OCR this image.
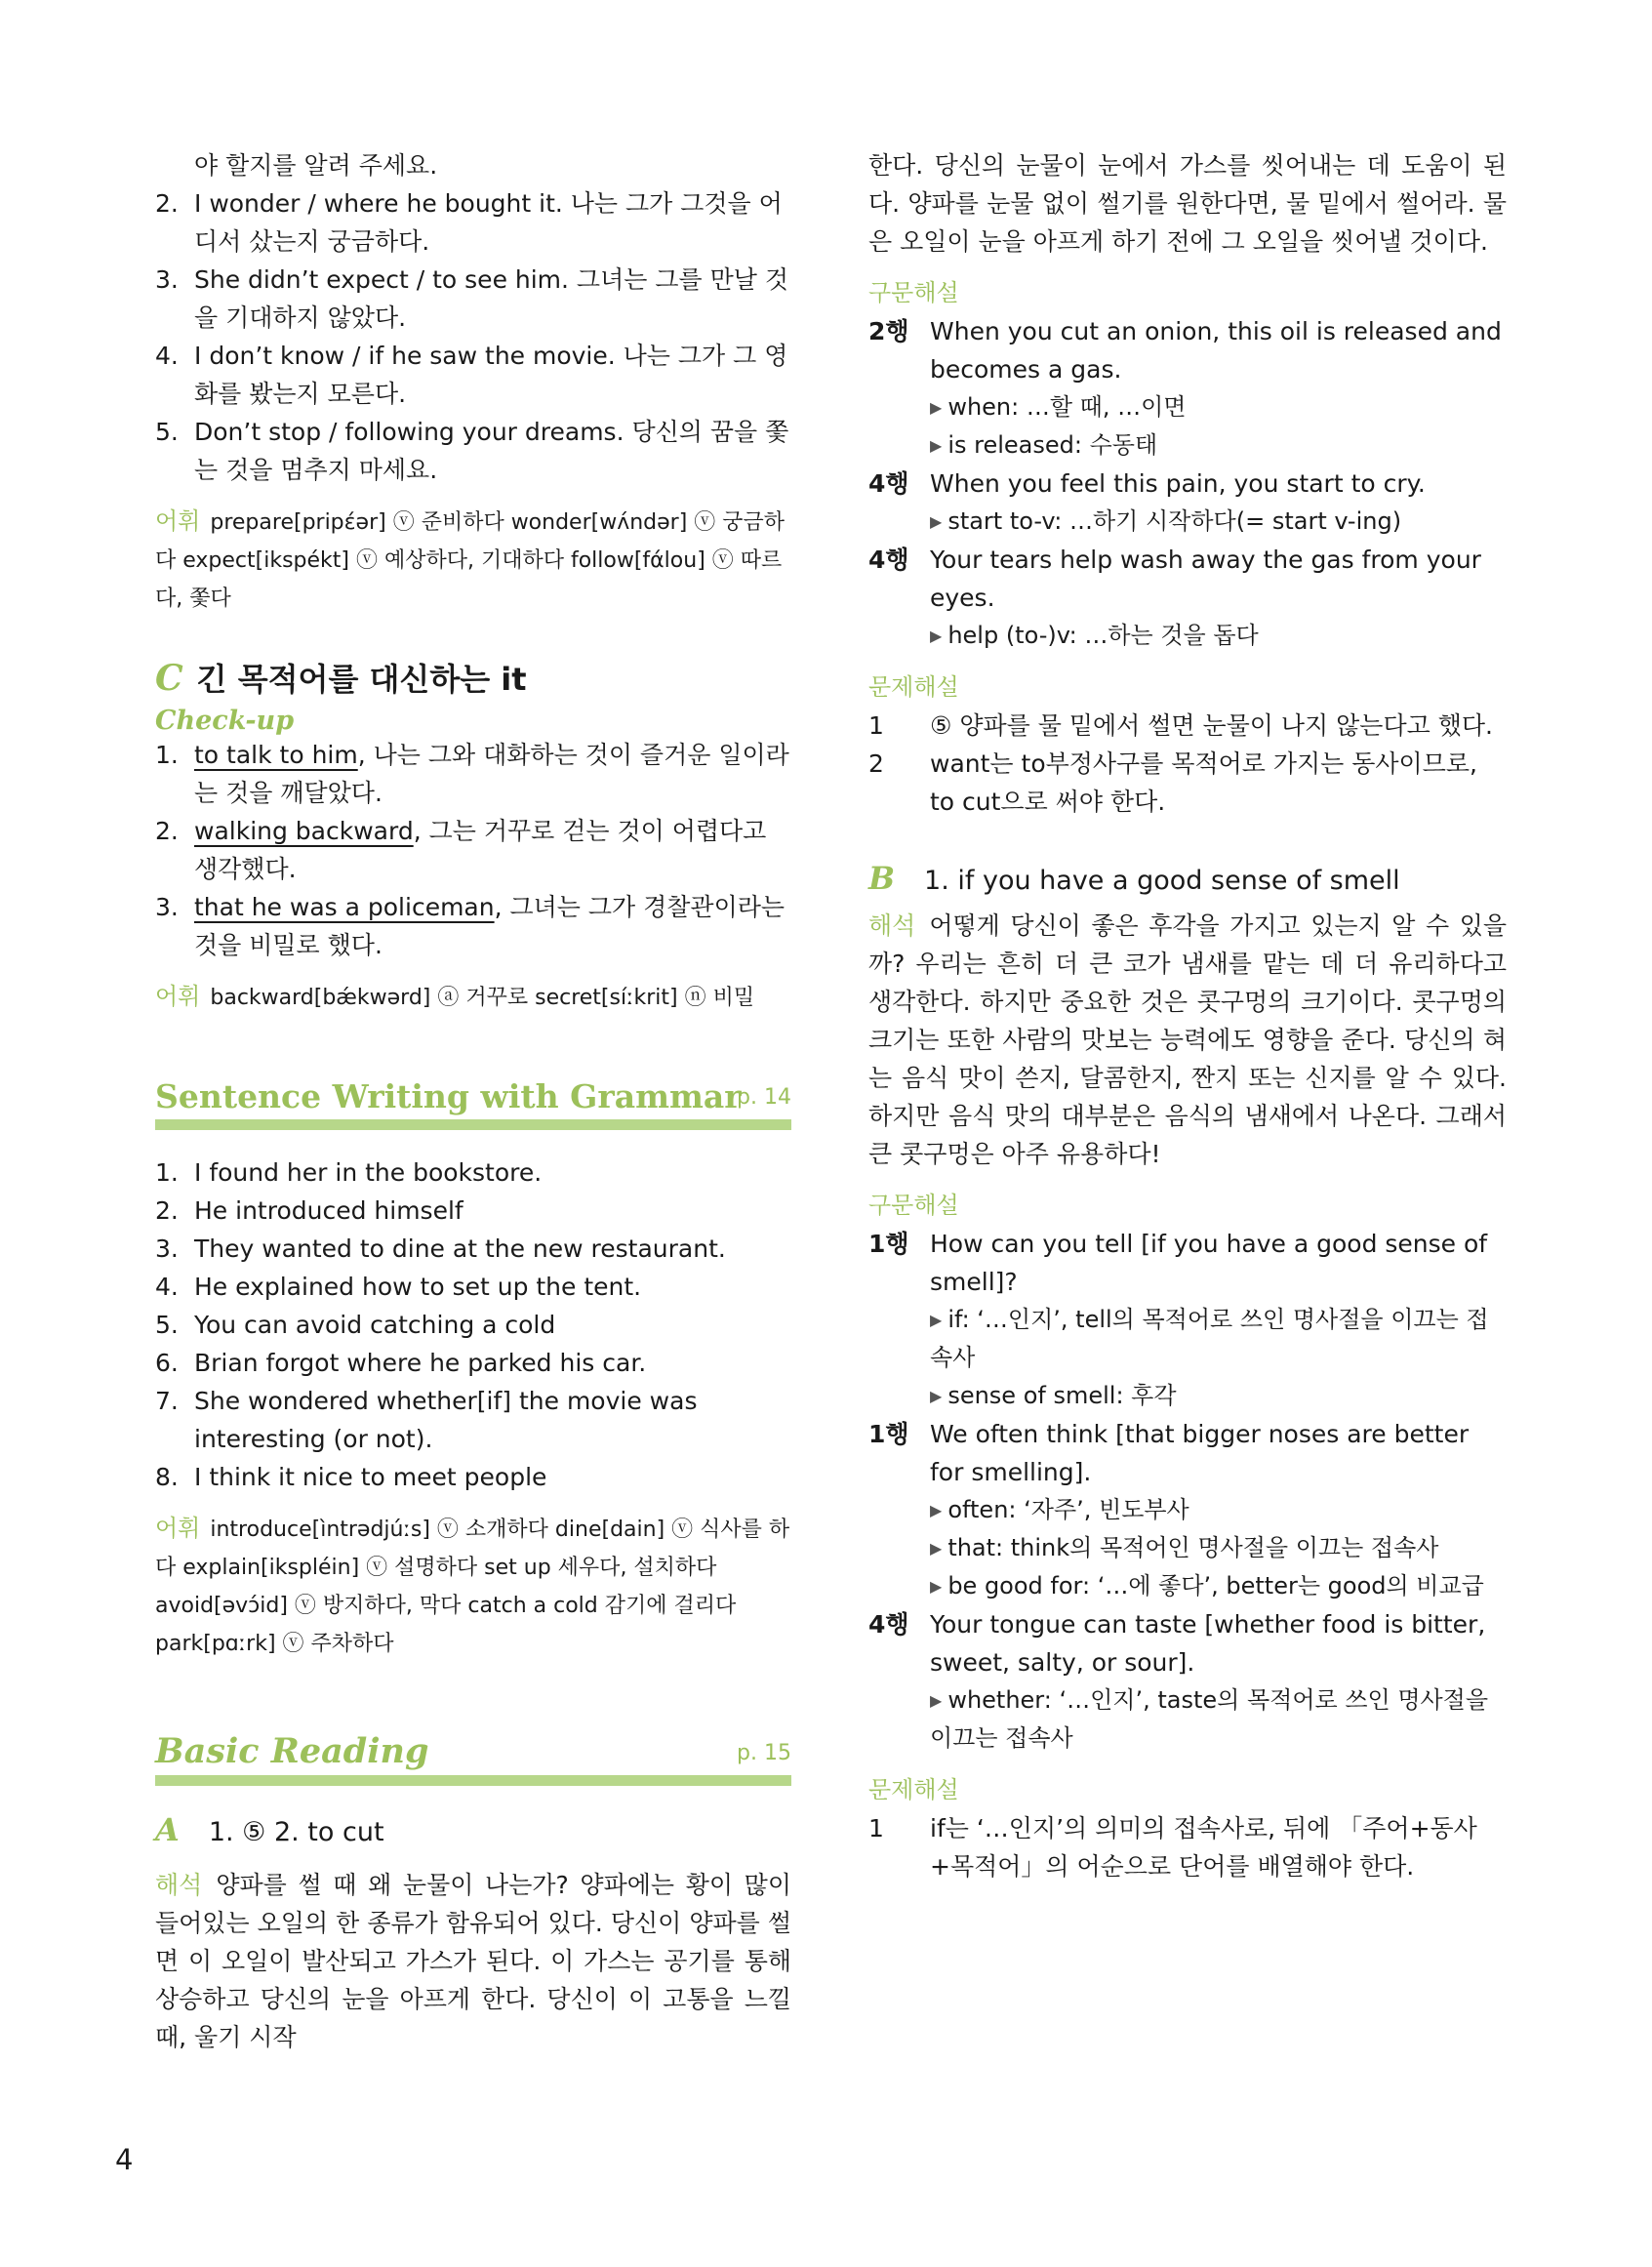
야 할지를 알려 주세요.
2. I wonder / where he bought it. 나는 그가 그것을 어디서 샀는지 궁금하다.
3. She didn’t expect / to see him. 그녀는 그를 만날 것을 기대하지 않았다.
4. I don’t know / if he saw the movie. 나는 그가 그 영화를 봤는지 모른다.
5. Don’t stop / following your dreams. 당신의 꿈을 쫓는 것을 멈추지 마세요.
어휘 prepare[pripέər] ⓥ 준비하다 wonder[wʌ́ndər] ⓥ 궁금하다 expect[ikspékt] ⓥ 예상하다, 기대하다 follow[fάlou] ⓥ 따르다, 쫓다
C 긴 목적어를 대신하는 it
Check-up
1. to talk to him, 나는 그와 대화하는 것이 즐거운 일이라는 것을 깨달았다.
2. walking backward, 그는 거꾸로 걷는 것이 어렵다고 생각했다.
3. that he was a policeman, 그녀는 그가 경찰관이라는 것을 비밀로 했다.
어휘 backward[bǽkwərd] ⓐ 거꾸로 secret[síːkrit] ⓝ 비밀
Sentence Writing with Grammar
p. 14
1. I found her in the bookstore.
2. He introduced himself
3. They wanted to dine at the new restaurant.
4. He explained how to set up the tent.
5. You can avoid catching a cold
6. Brian forgot where he parked his car.
7. She wondered whether[if] the movie was interesting (or not).
8. I think it nice to meet people
어휘 introduce[ìntrədjúːs] ⓥ 소개하다 dine[dain] ⓥ 식사를 하다 explain[ikspléin] ⓥ 설명하다 set up 세우다, 설치하다 avoid[əvɔ́id] ⓥ 방지하다, 막다 catch a cold 감기에 걸리다 park[pɑːrk] ⓥ 주차하다
Basic Reading	p. 15
A 1. ⑤ 2. to cut
해석 양파를 썰 때 왜 눈물이 나는가? 양파에는 황이 많이 들어있는 오일의 한 종류가 함유되어 있다. 당신이 양파를 썰면 이 오일이 발산되고 가스가 된다. 이 가스는 공기를 통해 상승하고 당신의 눈을 아프게 한다. 당신이 이 고통을 느낄 때, 울기 시작
한다. 당신의 눈물이 눈에서 가스를 씻어내는 데 도움이 된다. 양파를 눈물 없이 썰기를 원한다면, 물 밑에서 썰어라. 물은 오일이 눈을 아프게 하기 전에 그 오일을 씻어낼 것이다.
구문해설
2행 When you cut an onion, this oil is released and becomes a gas.
▶ when: …할 때, …이면
▶ is released: 수동태
4행 When you feel this pain, you start to cry.
▶ start to-v: …하기 시작하다(= start v-ing)
4행 Your tears help wash away the gas from your eyes.
▶ help (to-)v: …하는 것을 돕다
문제해설
1 ⑤ 양파를 물 밑에서 썰면 눈물이 나지 않는다고 했다.
2 want는 to부정사구를 목적어로 가지는 동사이므로, to cut으로 써야 한다.
B 1. if you have a good sense of smell
해석 어떻게 당신이 좋은 후각을 가지고 있는지 알 수 있을까? 우리는 흔히 더 큰 코가 냄새를 맡는 데 더 유리하다고 생각한다. 하지만 중요한 것은 콧구멍의 크기이다. 콧구멍의 크기는 또한 사람의 맛보는 능력에도 영향을 준다. 당신의 혀는 음식 맛이 쓴지, 달콤한지, 짠지 또는 신지를 알 수 있다. 하지만 음식 맛의 대부분은 음식의 냄새에서 나온다. 그래서 큰 콧구멍은 아주 유용하다!
구문해설
1행 How can you tell [if you have a good sense of smell]?
▶ if: ‘…인지’, tell의 목적어로 쓰인 명사절을 이끄는 접속사
▶ sense of smell: 후각
1행 We often think [that bigger noses are better for smelling].
▶ often: ‘자주’, 빈도부사
▶ that: think의 목적어인 명사절을 이끄는 접속사
▶ be good for: ‘…에 좋다’, better는 good의 비교급
4행 Your tongue can taste [whether food is bitter, sweet, salty, or sour].
▶ whether: ‘…인지’, taste의 목적어로 쓰인 명사절을 이끄는 접속사
문제해설
1 if는 ‘…인지’의 의미의 접속사로, 뒤에 「주어+동사+목적어」의 어순으로 단어를 배열해야 한다.
4
